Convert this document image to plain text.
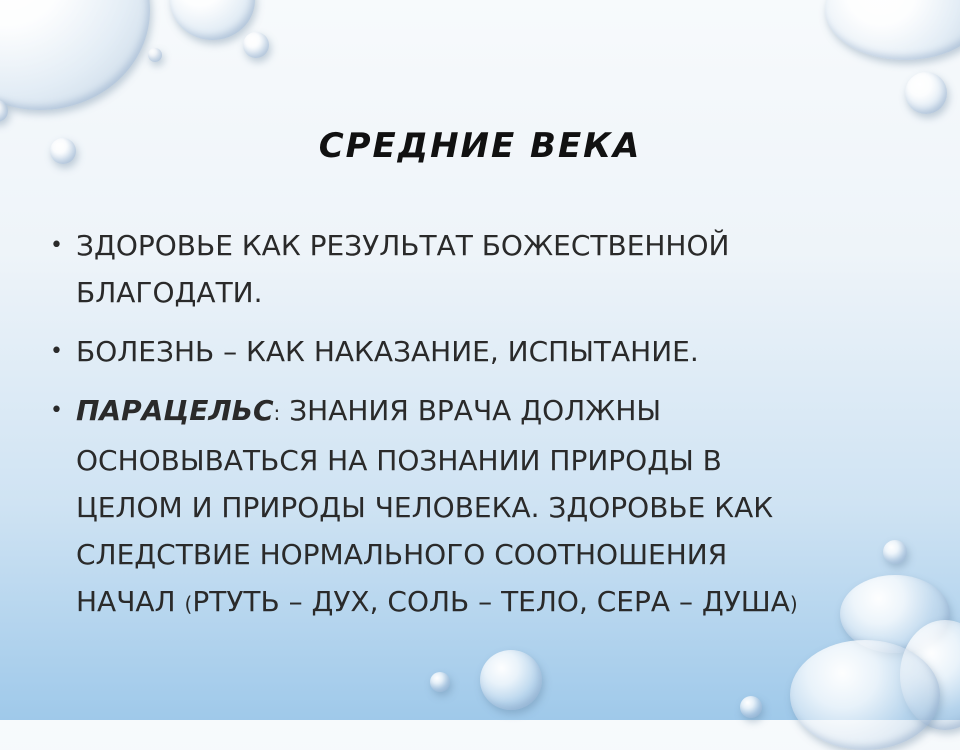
СРЕДНИЕ ВЕКА
• ЗДОРОВЬЕ КАК РЕЗУЛЬТАТ БОЖЕСТВЕННОЙ БЛАГОДАТИ.
• БОЛЕЗНЬ – КАК НАКАЗАНИЕ, ИСПЫТАНИЕ.
• ПАРАЦЕЛЬС: ЗНАНИЯ ВРАЧА ДОЛЖНЫ ОСНОВЫВАТЬСЯ НА ПОЗНАНИИ ПРИРОДЫ В ЦЕЛОМ И ПРИРОДЫ ЧЕЛОВЕКА. ЗДОРОВЬЕ КАК СЛЕДСТВИЕ НОРМАЛЬНОГО СООТНОШЕНИЯ НАЧАЛ (РТУТЬ – ДУХ, СОЛЬ – ТЕЛО, СЕРА – ДУША)
